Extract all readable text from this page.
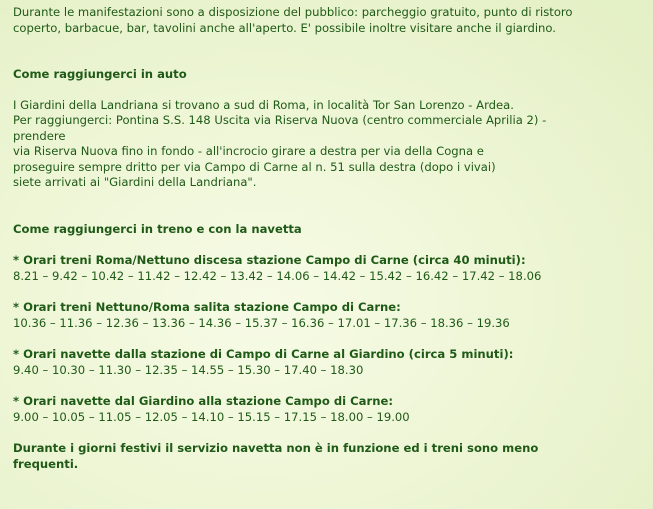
Durante le manifestazioni sono a disposizione del pubblico: parcheggio gratuito, punto di ristoro

coperto, barbacue, bar, tavolini anche all'aperto. E' possibile inoltre visitare anche il giardino.

Come raggiungerci in auto

I Giardini della Landriana si trovano a sud di Roma, in località Tor San Lorenzo - Ardea.

Per raggiungerci: Pontina S.S. 148 Uscita via Riserva Nuova (centro commerciale Aprilia 2) -

prendere

via Riserva Nuova fino in fondo - all'incrocio girare a destra per via della Cogna e

proseguire sempre dritto per via Campo di Carne al n. 51 sulla destra (dopo i vivai)

siete arrivati ai "Giardini della Landriana".

Come raggiungerci in treno e con la navetta

* Orari treni Roma/Nettuno discesa stazione Campo di Carne (circa 40 minuti):

8.21 – 9.42 – 10.42 – 11.42 – 12.42 – 13.42 – 14.06 – 14.42 – 15.42 – 16.42 – 17.42 – 18.06

* Orari treni Nettuno/Roma salita stazione Campo di Carne:

10.36 – 11.36 – 12.36 – 13.36 – 14.36 – 15.37 – 16.36 – 17.01 – 17.36 – 18.36 – 19.36

* Orari navette dalla stazione di Campo di Carne al Giardino (circa 5 minuti):

9.40 – 10.30 – 11.30 – 12.35 – 14.55 – 15.30 – 17.40 – 18.30

* Orari navette dal Giardino alla stazione Campo di Carne:

9.00 – 10.05 – 11.05 – 12.05 – 14.10 – 15.15 – 17.15 – 18.00 – 19.00

Durante i giorni festivi il servizio navetta non è in funzione ed i treni sono meno

frequenti.
